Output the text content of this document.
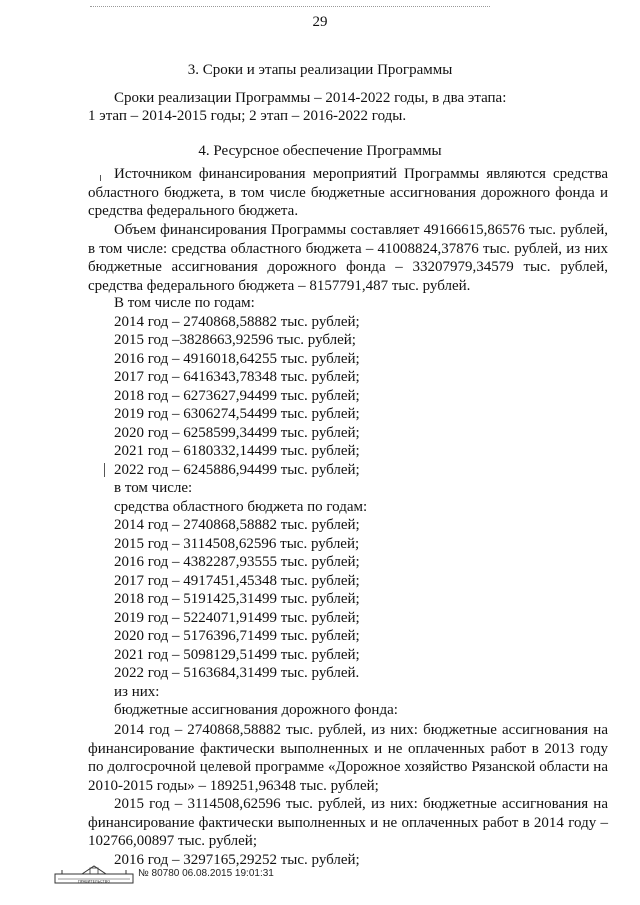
29
3. Сроки и этапы реализации Программы
Сроки реализации Программы – 2014-2022 годы, в два этапа:
1 этап – 2014-2015 годы; 2 этап – 2016-2022 годы.
4. Ресурсное обеспечение Программы
Источником финансирования мероприятий Программы являются средства областного бюджета, в том числе бюджетные ассигнования дорожного фонда и средства федерального бюджета.
Объем финансирования Программы составляет 49166615,86576 тыс. рублей, в том числе: средства областного бюджета – 41008824,37876 тыс. рублей, из них бюджетные ассигнования дорожного фонда – 33207979,34579 тыс. рублей, средства федерального бюджета – 8157791,487 тыс. рублей.
В том числе по годам:
2014 год – 2740868,58882 тыс. рублей;
2015 год –3828663,92596 тыс. рублей;
2016 год – 4916018,64255 тыс. рублей;
2017 год – 6416343,78348 тыс. рублей;
2018 год – 6273627,94499 тыс. рублей;
2019 год – 6306274,54499 тыс. рублей;
2020 год – 6258599,34499 тыс. рублей;
2021 год – 6180332,14499 тыс. рублей;
2022 год – 6245886,94499 тыс. рублей;
в том числе:
средства областного бюджета по годам:
2014 год – 2740868,58882 тыс. рублей;
2015 год – 3114508,62596 тыс. рублей;
2016 год – 4382287,93555 тыс. рублей;
2017 год – 4917451,45348 тыс. рублей;
2018 год – 5191425,31499 тыс. рублей;
2019 год – 5224071,91499 тыс. рублей;
2020 год – 5176396,71499 тыс. рублей;
2021 год – 5098129,51499 тыс. рублей;
2022 год – 5163684,31499 тыс. рублей.
из них:
бюджетные ассигнования дорожного фонда:
2014 год – 2740868,58882 тыс. рублей, из них: бюджетные ассигнования на финансирование фактически выполненных и не оплаченных работ в 2013 году по долгосрочной целевой программе «Дорожное хозяйство Рязанской области на 2010-2015 годы» – 189251,96348 тыс. рублей;
2015 год – 3114508,62596 тыс. рублей, из них: бюджетные ассигнования на финансирование фактически выполненных и не оплаченных работ в 2014 году – 102766,00897 тыс. рублей;
2016 год – 3297165,29252 тыс. рублей;
ПРАВИТЕЛЬСТВО
№ 80780 06.08.2015 19:01:31
